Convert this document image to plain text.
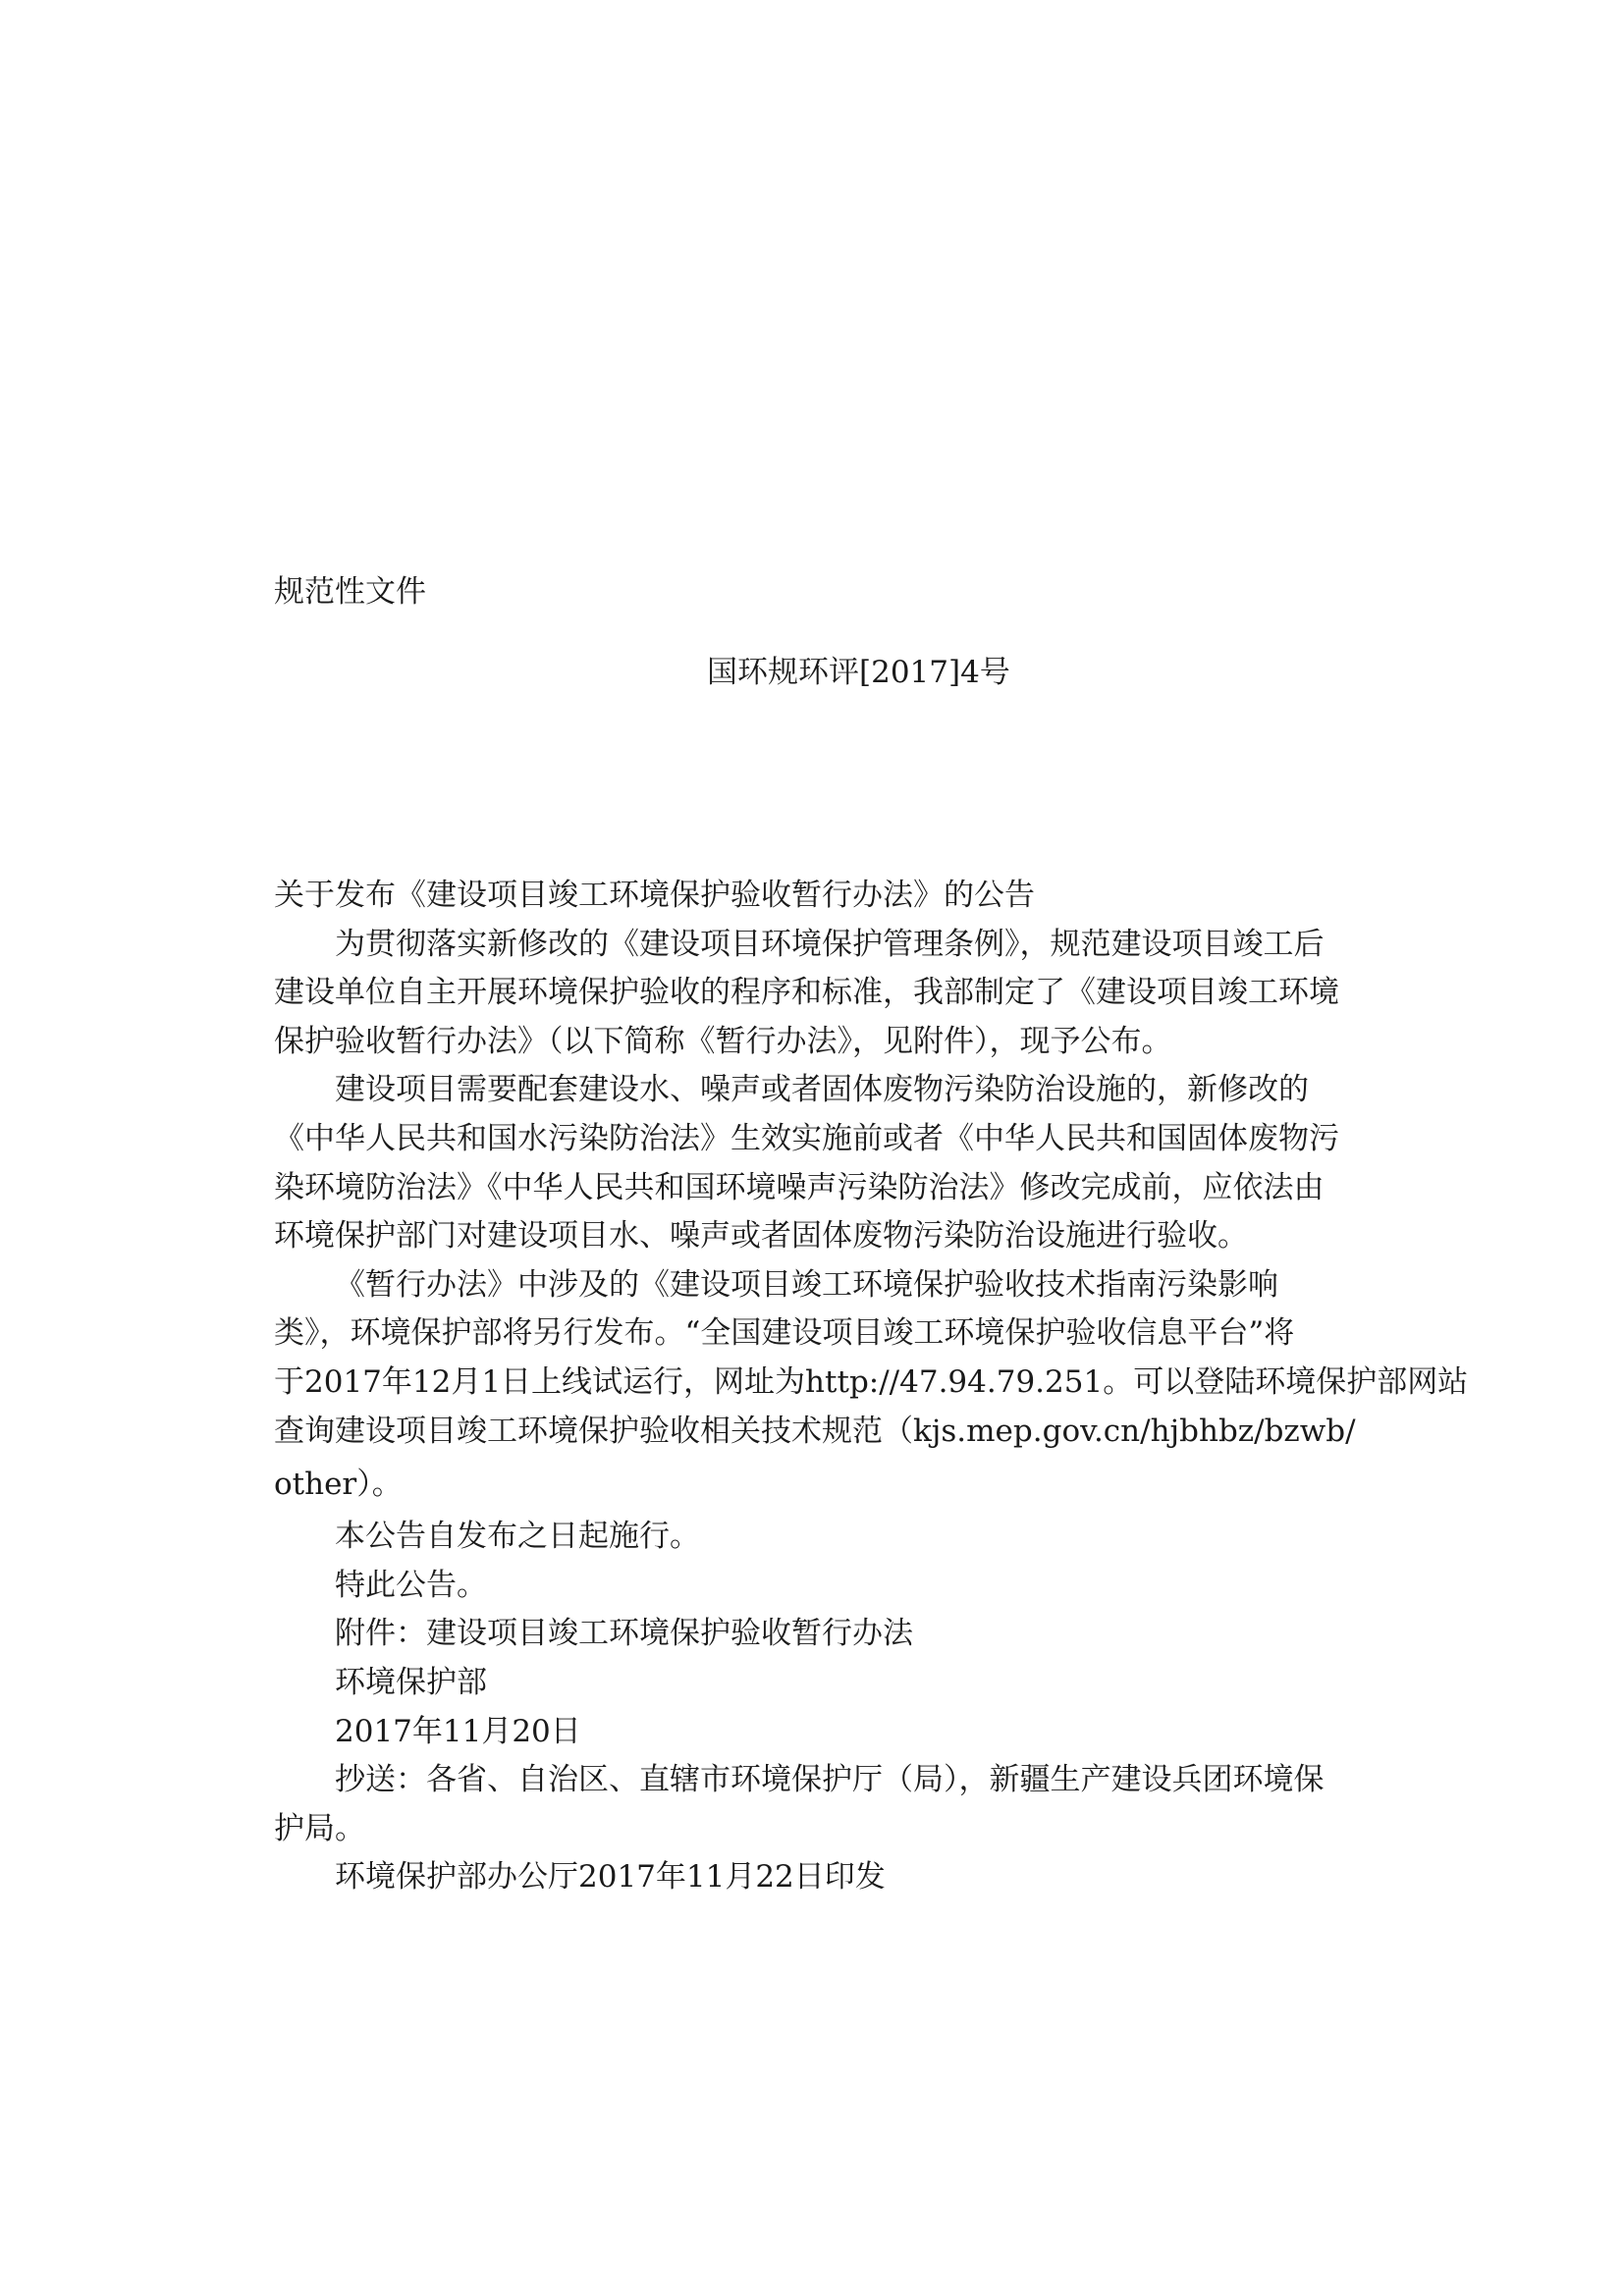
规范性文件
国环规环评[2017]4号
关于发布《建设项目竣工环境保护验收暂行办法》的公告
为贯彻落实新修改的《建设项目环境保护管理条例》，规范建设项目竣工后
建设单位自主开展环境保护验收的程序和标准，我部制定了《建设项目竣工环境
保护验收暂行办法》（以下简称《暂行办法》，见附件），现予公布。
建设项目需要配套建设水、噪声或者固体废物污染防治设施的，新修改的
《中华人民共和国水污染防治法》生效实施前或者《中华人民共和国固体废物污
染环境防治法》《中华人民共和国环境噪声污染防治法》修改完成前，应依法由
环境保护部门对建设项目水、噪声或者固体废物污染防治设施进行验收。
《暂行办法》中涉及的《建设项目竣工环境保护验收技术指南污染影响
类》，环境保护部将另行发布。“全国建设项目竣工环境保护验收信息平台”将
于2017年12月1日上线试运行，网址为http://47.94.79.251。可以登陆环境保护部网站
查询建设项目竣工环境保护验收相关技术规范（kjs.mep.gov.cn/hjbhbz/bzwb/
other）。
本公告自发布之日起施行。
特此公告。
附件：建设项目竣工环境保护验收暂行办法
环境保护部
2017年11月20日
抄送：各省、自治区、直辖市环境保护厅（局），新疆生产建设兵团环境保
护局。
环境保护部办公厅2017年11月22日印发
